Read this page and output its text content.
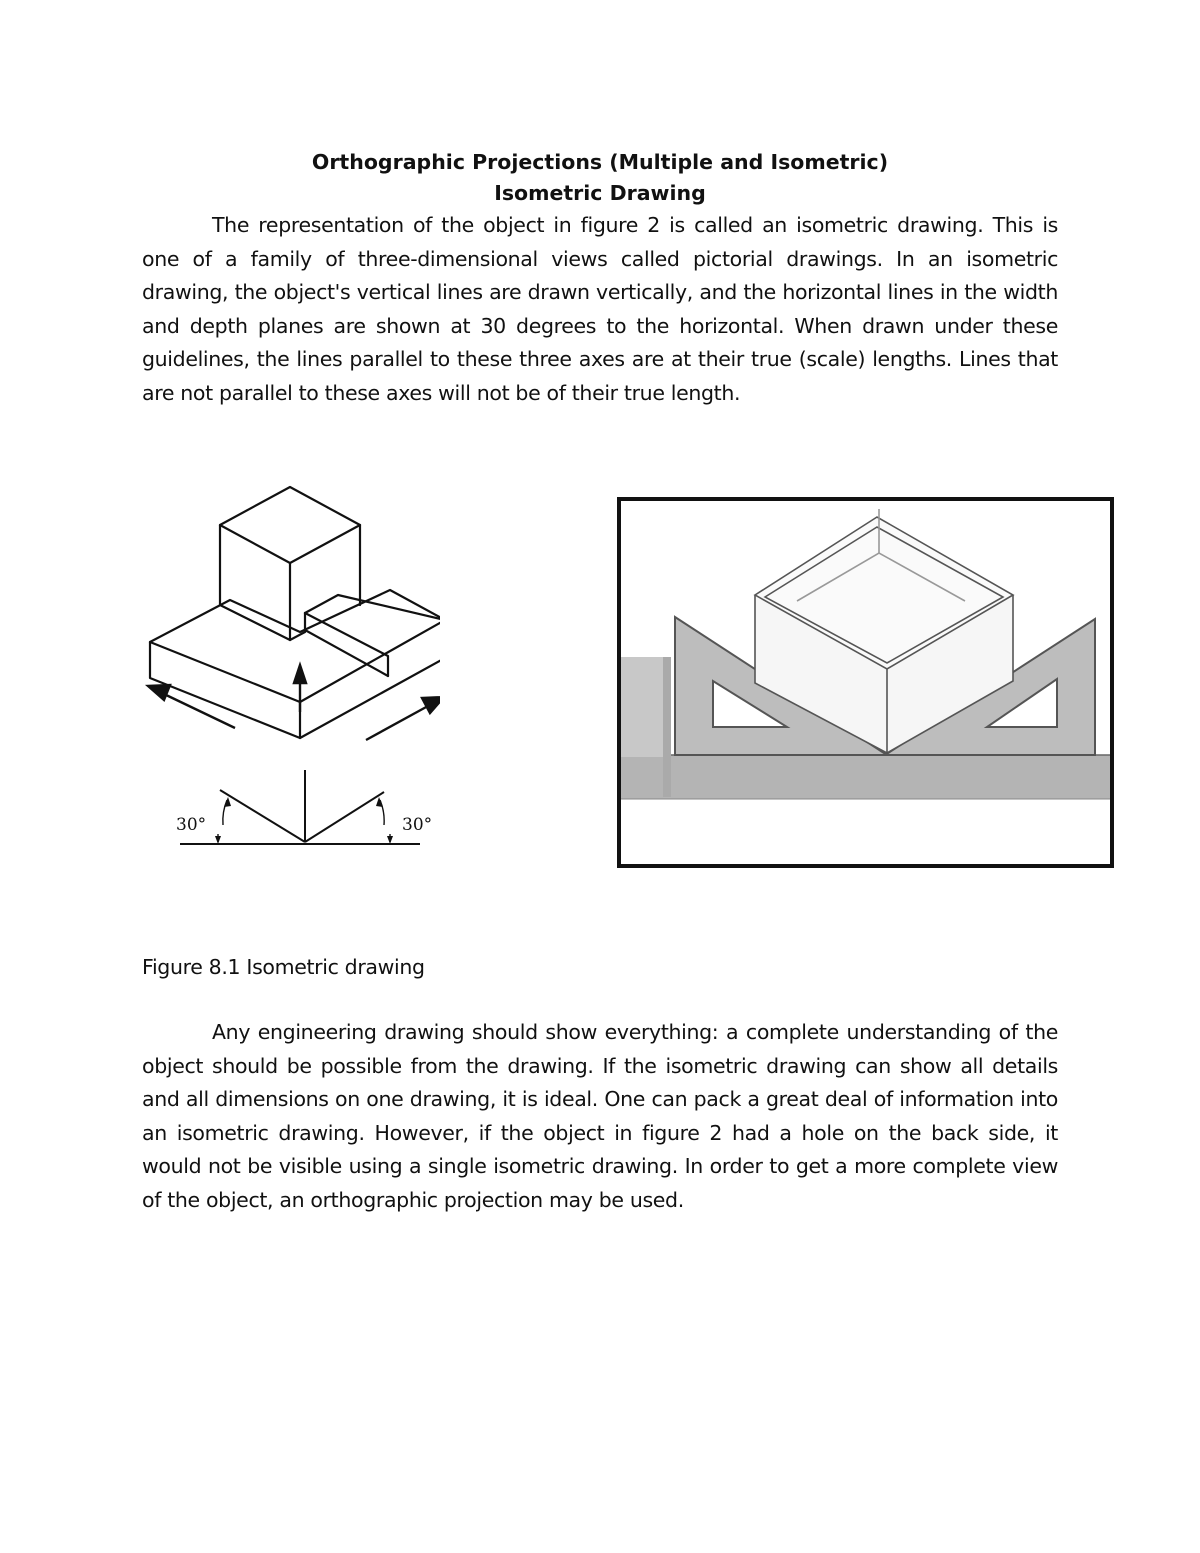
Orthographic Projections (Multiple and Isometric)
Isometric Drawing

The representation of the object in figure 2 is called an isometric drawing. This is one of a family of three-dimensional views called pictorial drawings. In an isometric drawing, the object's vertical lines are drawn vertically, and the horizontal lines in the width and depth planes are shown at 30 degrees to the horizontal. When drawn under these guidelines, the lines parallel to these three axes are at their true (scale) lengths. Lines that are not parallel to these axes will not be of their true length.

30°	30°
Figure 8.1 Isometric drawing

Any engineering drawing should show everything: a complete understanding of the object should be possible from the drawing. If the isometric drawing can show all details and all dimensions on one drawing, it is ideal. One can pack a great deal of information into an isometric drawing. However, if the object in figure 2 had a hole on the back side, it would not be visible using a single isometric drawing. In order to get a more complete view of the object, an orthographic projection may be used.
